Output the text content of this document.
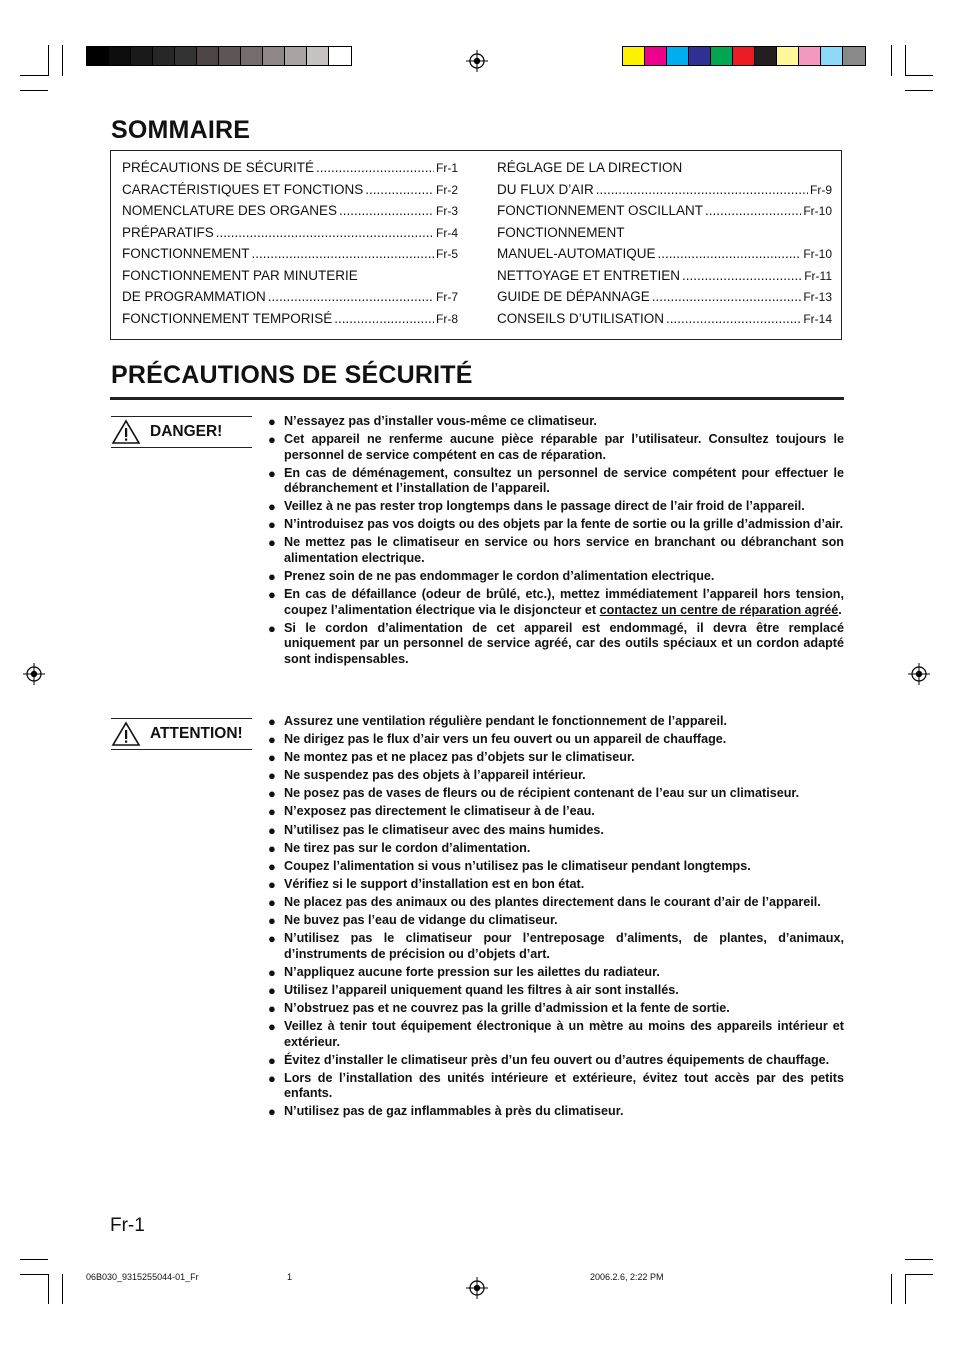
SOMMAIRE
PRÉCAUTIONS DE SÉCURITÉ .....	Fr-1
CARACTÉRISTIQUES ET FONCTIONS .....	Fr-2
NOMENCLATURE DES ORGANES .....	Fr-3
PRÉPARATIFS .....	Fr-4
FONCTIONNEMENT .....	Fr-5
FONCTIONNEMENT PAR MINUTERIE
DE PROGRAMMATION .....	Fr-7
FONCTIONNEMENT TEMPORISÉ .....	Fr-8
RÉGLAGE DE LA DIRECTION
DU FLUX D’AIR .....	Fr-9
FONCTIONNEMENT OSCILLANT .....	Fr-10
FONCTIONNEMENT
MANUEL-AUTOMATIQUE .....	Fr-10
NETTOYAGE ET ENTRETIEN .....	Fr-11
GUIDE DE DÉPANNAGE .....	Fr-13
CONSEILS D’UTILISATION .....	Fr-14
PRÉCAUTIONS DE SÉCURITÉ
DANGER!
● N’essayez pas d’installer vous-même ce climatiseur.
● Cet appareil ne renferme aucune pièce réparable par l’utilisateur. Consultez toujours le personnel de service compétent en cas de réparation.
● En cas de déménagement, consultez un personnel de service compétent pour effectuer le débranchement et l’installation de l’appareil.
● Veillez à ne pas rester trop longtemps dans le passage direct de l’air froid de l’appareil.
● N’introduisez pas vos doigts ou des objets par la fente de sortie ou la grille d’admission d’air.
● Ne mettez pas le climatiseur en service ou hors service en branchant ou débranchant son alimentation electrique.
● Prenez soin de ne pas endommager le cordon d’alimentation electrique.
● En cas de défaillance (odeur de brûlé, etc.), mettez immédiatement l’appareil hors tension, coupez l’alimentation électrique via le disjoncteur et contactez un centre de réparation agréé.
● Si le cordon d’alimentation de cet appareil est endommagé, il devra être remplacé uniquement par un personnel de service agréé, car des outils spéciaux et un cordon adapté sont indispensables.
ATTENTION!
● Assurez une ventilation régulière pendant le fonctionnement de l’appareil.
● Ne dirigez pas le flux d’air vers un feu ouvert ou un appareil de chauffage.
● Ne montez pas et ne placez pas d’objets sur le climatiseur.
● Ne suspendez pas des objets à l’appareil intérieur.
● Ne posez pas de vases de fleurs ou de récipient contenant de l’eau sur un climatiseur.
● N’exposez pas directement le climatiseur à de l’eau.
● N’utilisez pas le climatiseur avec des mains humides.
● Ne tirez pas sur le cordon d’alimentation.
● Coupez l’alimentation si vous n’utilisez pas le climatiseur pendant longtemps.
● Vérifiez si le support d’installation est en bon état.
● Ne placez pas des animaux ou des plantes directement dans le courant d’air de l’appareil.
● Ne buvez pas l’eau de vidange du climatiseur.
● N’utilisez pas le climatiseur pour l’entreposage d’aliments, de plantes, d’animaux, d’instruments de précision ou d’objets d’art.
● N’appliquez aucune forte pression sur les ailettes du radiateur.
● Utilisez l’appareil uniquement quand les filtres à air sont installés.
● N’obstruez pas et ne couvrez pas la grille d’admission et la fente de sortie.
● Veillez à tenir tout équipement électronique à un mètre au moins des appareils intérieur et extérieur.
● Évitez d’installer le climatiseur près d’un feu ouvert ou d’autres équipements de chauffage.
● Lors de l’installation des unités intérieure et extérieure, évitez tout accès par des petits enfants.
● N’utilisez pas de gaz inflammables à près du climatiseur.
Fr-1
06B030_9315255044-01_Fr	1	2006.2.6, 2:22 PM
